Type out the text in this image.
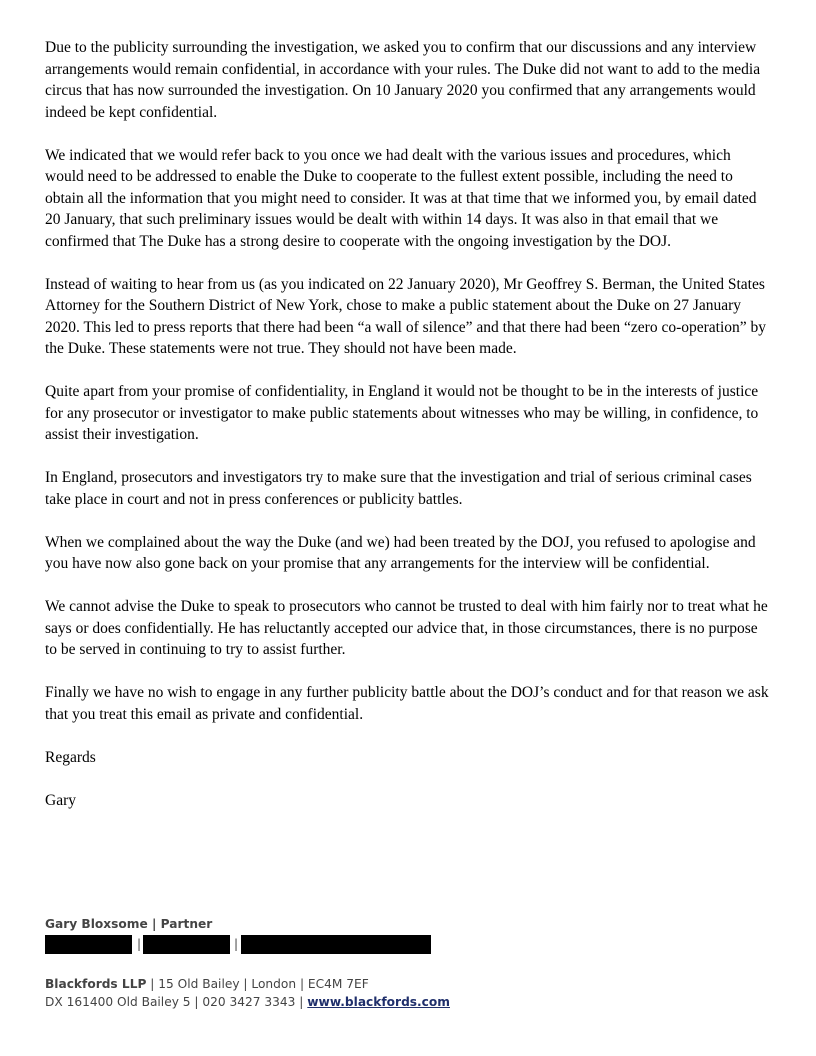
Due to the publicity surrounding the investigation, we asked you to confirm that our discussions and any interview arrangements would remain confidential, in accordance with your rules. The Duke did not want to add to the media circus that has now surrounded the investigation. On 10 January 2020 you confirmed that any arrangements would indeed be kept confidential.

We indicated that we would refer back to you once we had dealt with the various issues and procedures, which would need to be addressed to enable the Duke to cooperate to the fullest extent possible, including the need to obtain all the information that you might need to consider. It was at that time that we informed you, by email dated 20 January, that such preliminary issues would be dealt with within 14 days. It was also in that email that we confirmed that The Duke has a strong desire to cooperate with the ongoing investigation by the DOJ.

Instead of waiting to hear from us (as you indicated on 22 January 2020), Mr Geoffrey S. Berman, the United States Attorney for the Southern District of New York, chose to make a public statement about the Duke on 27 January 2020. This led to press reports that there had been “a wall of silence” and that there had been “zero co-operation” by the Duke. These statements were not true. They should not have been made.

Quite apart from your promise of confidentiality, in England it would not be thought to be in the interests of justice for any prosecutor or investigator to make public statements about witnesses who may be willing, in confidence, to assist their investigation.

In England, prosecutors and investigators try to make sure that the investigation and trial of serious criminal cases take place in court and not in press conferences or publicity battles.

When we complained about the way the Duke (and we) had been treated by the DOJ, you refused to apologise and you have now also gone back on your promise that any arrangements for the interview will be confidential.

We cannot advise the Duke to speak to prosecutors who cannot be trusted to deal with him fairly nor to treat what he says or does confidentially. He has reluctantly accepted our advice that, in those circumstances, there is no purpose to be served in continuing to try to assist further.

Finally we have no wish to engage in any further publicity battle about the DOJ’s conduct and for that reason we ask that you treat this email as private and confidential.

Regards

Gary

Gary Bloxsome | Partner
|	|
Blackfords LLP | 15 Old Bailey | London | EC4M 7EF
DX 161400 Old Bailey 5 | 020 3427 3343 | www.blackfords.com
